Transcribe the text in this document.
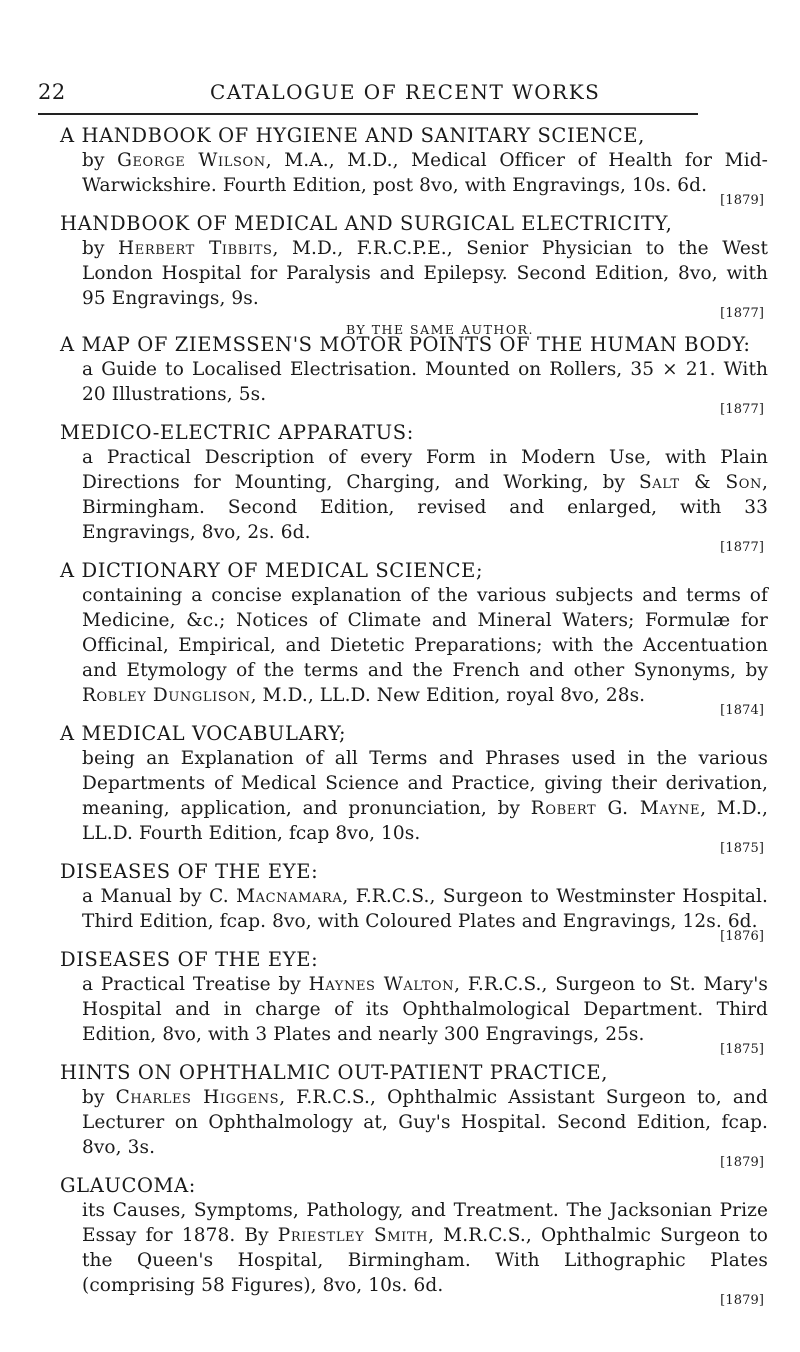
22	CATALOGUE OF RECENT WORKS
A HANDBOOK OF HYGIENE AND SANITARY SCIENCE,
by George Wilson, M.A., M.D., Medical Officer of Health for Mid-Warwickshire. Fourth Edition, post 8vo, with Engravings, 10s. 6d.
[1879]
HANDBOOK OF MEDICAL AND SURGICAL ELECTRICITY,
by Herbert Tibbits, M.D., F.R.C.P.E., Senior Physician to the West London Hospital for Paralysis and Epilepsy. Second Edition, 8vo, with 95 Engravings, 9s.
[1877]
BY THE SAME AUTHOR.
A MAP OF ZIEMSSEN'S MOTOR POINTS OF THE HUMAN BODY:
a Guide to Localised Electrisation. Mounted on Rollers, 35 × 21. With 20 Illustrations, 5s.
[1877]
MEDICO-ELECTRIC APPARATUS:
a Practical Description of every Form in Modern Use, with Plain Directions for Mounting, Charging, and Working, by Salt & Son, Birmingham. Second Edition, revised and enlarged, with 33 Engravings, 8vo, 2s. 6d.
[1877]
A DICTIONARY OF MEDICAL SCIENCE;
containing a concise explanation of the various subjects and terms of Medicine, &c.; Notices of Climate and Mineral Waters; Formulæ for Officinal, Empirical, and Dietetic Preparations; with the Accentuation and Etymology of the terms and the French and other Synonyms, by Robley Dunglison, M.D., LL.D. New Edition, royal 8vo, 28s.
[1874]
A MEDICAL VOCABULARY;
being an Explanation of all Terms and Phrases used in the various Departments of Medical Science and Practice, giving their derivation, meaning, application, and pronunciation, by Robert G. Mayne, M.D., LL.D. Fourth Edition, fcap 8vo, 10s.
[1875]
DISEASES OF THE EYE:
a Manual by C. Macnamara, F.R.C.S., Surgeon to Westminster Hospital. Third Edition, fcap. 8vo, with Coloured Plates and Engravings, 12s. 6d.
[1876]
DISEASES OF THE EYE:
a Practical Treatise by Haynes Walton, F.R.C.S., Surgeon to St. Mary's Hospital and in charge of its Ophthalmological Department. Third Edition, 8vo, with 3 Plates and nearly 300 Engravings, 25s.
[1875]
HINTS ON OPHTHALMIC OUT-PATIENT PRACTICE,
by Charles Higgens, F.R.C.S., Ophthalmic Assistant Surgeon to, and Lecturer on Ophthalmology at, Guy's Hospital. Second Edition, fcap. 8vo, 3s.
[1879]
GLAUCOMA:
its Causes, Symptoms, Pathology, and Treatment. The Jacksonian Prize Essay for 1878. By Priestley Smith, M.R.C.S., Ophthalmic Surgeon to the Queen's Hospital, Birmingham. With Lithographic Plates (comprising 58 Figures), 8vo, 10s. 6d.
[1879]
